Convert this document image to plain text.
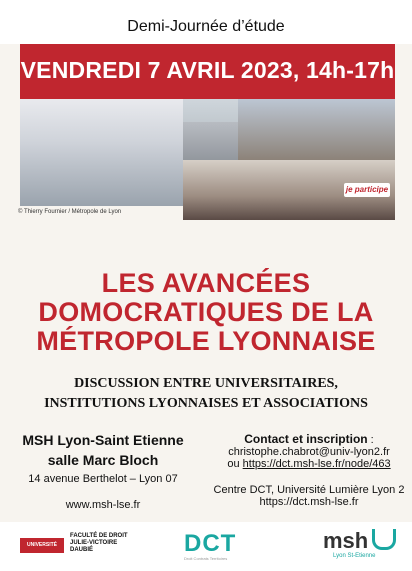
Demi-Journée d’étude
VENDREDI 7 AVRIL 2023, 14h-17h
je participe
© Thierry Fournier / Métropole de Lyon
LES AVANCÉES
DOMOCRATIQUES DE LA
MÉTROPOLE LYONNAISE
DISCUSSION ENTRE UNIVERSITAIRES,
INSTITUTIONS LYONNAISES ET ASSOCIATIONS
MSH Lyon-Saint Etienne
salle Marc Bloch
14 avenue Berthelot – Lyon 07
www.msh-lse.fr
Contact et inscription :
christophe.chabrot@univ-lyon2.fr
ou https://dct.msh-lse.fr/node/463
Centre DCT, Université Lumière Lyon 2
https://dct.msh-lse.fr
UNIVERSITÉ LUMIÈRE LYON 2
FACULTÉ DE DROIT
JULIE-VICTOIRE
DAUBIÉ	DCT
Droit Contrats Territoires
msh
Lyon St-Etienne
